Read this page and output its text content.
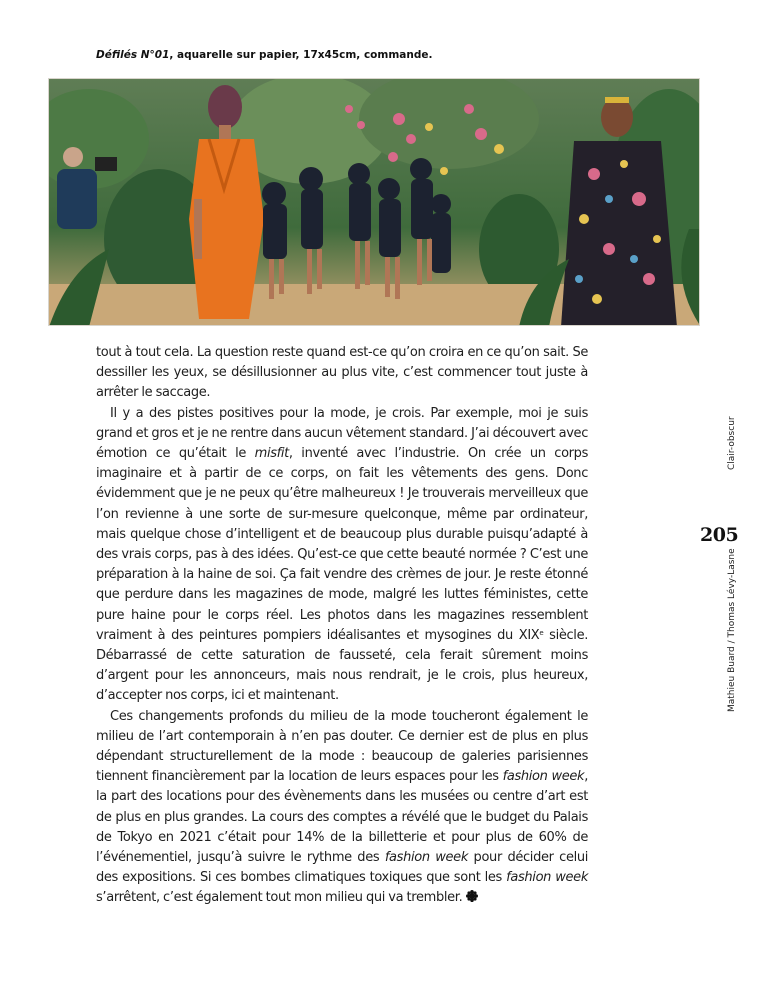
Défilés N°01, aquarelle sur papier, 17x45cm, commande.

tout à tout cela. La question reste quand est-ce qu’on croira en ce qu’on sait. Se dessiller les yeux, se désillusionner au plus vite, c’est commencer tout juste à arrêter le saccage.

Il y a des pistes positives pour la mode, je crois. Par exemple, moi je suis grand et gros et je ne rentre dans aucun vêtement standard. J’ai découvert avec émotion ce qu’était le misfit, inventé avec l’industrie. On crée un corps imaginaire et à partir de ce corps, on fait les vêtements des gens. Donc évidemment que je ne peux qu’être malheureux ! Je trouverais merveilleux que l’on revienne à une sorte de sur-mesure quelconque, même par ordinateur, mais quelque chose d’intelligent et de beaucoup plus durable puisqu’adapté à des vrais corps, pas à des idées. Qu’est-ce que cette beauté normée ? C’est une préparation à la haine de soi. Ça fait vendre des crèmes de jour. Je reste étonné que perdure dans les magazines de mode, malgré les luttes féministes, cette pure haine pour le corps réel. Les photos dans les magazines ressemblent vraiment à des peintures pompiers idéalisantes et mysogines du XIXe siècle. Débarrassé de cette saturation de fausseté, cela ferait sûrement moins d’argent pour les annonceurs, mais nous rendrait, je le crois, plus heureux, d’accepter nos corps, ici et maintenant.

Ces changements profonds du milieu de la mode toucheront également le milieu de l’art contemporain à n’en pas douter. Ce dernier est de plus en plus dépendant structurellement de la mode : beaucoup de galeries parisiennes tiennent financièrement par la location de leurs espaces pour les fashion week, la part des locations pour des évènements dans les musées ou centre d’art est de plus en plus grandes. La cours des comptes a révélé que le budget du Palais de Tokyo en 2021 c’était pour 14% de la billetterie et pour plus de 60% de l’événementiel, jusqu’à suivre le rythme des fashion week pour décider celui des expositions. Si ces bombes climatiques toxiques que sont les fashion week s’arrêtent, c’est également tout mon milieu qui va trembler.

Clair-obscur
205
Mathieu Buard / Thomas Lévy-Lasne
